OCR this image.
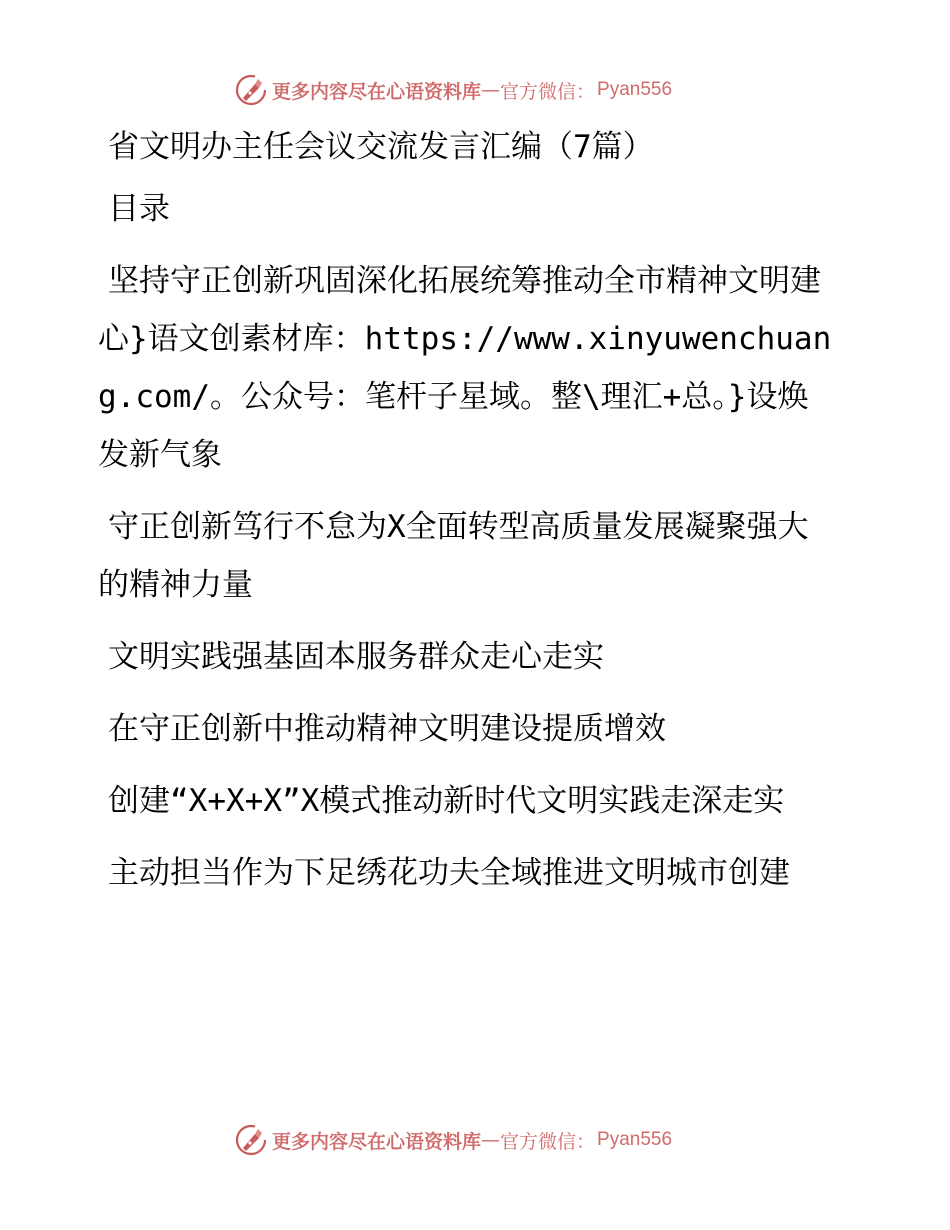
更多内容尽在心语资料库 — 官方微信： Pyan556

省文明办主任会议交流发言汇编（7篇）

目录

坚持守正创新巩固深化拓展统筹推动全市精神文明建心}语文创素材库：https://www.xinyuwenchuang.com/。公众号：笔杆子星域。整\理汇+总。}设焕发新气象

守正创新笃行不怠为X全面转型高质量发展凝聚强大的精神力量

文明实践强基固本服务群众走心走实

在守正创新中推动精神文明建设提质增效

创建“X+X+X”X模式推动新时代文明实践走深走实

主动担当作为下足绣花功夫全域推进文明城市创建

更多内容尽在心语资料库 — 官方微信： Pyan556
